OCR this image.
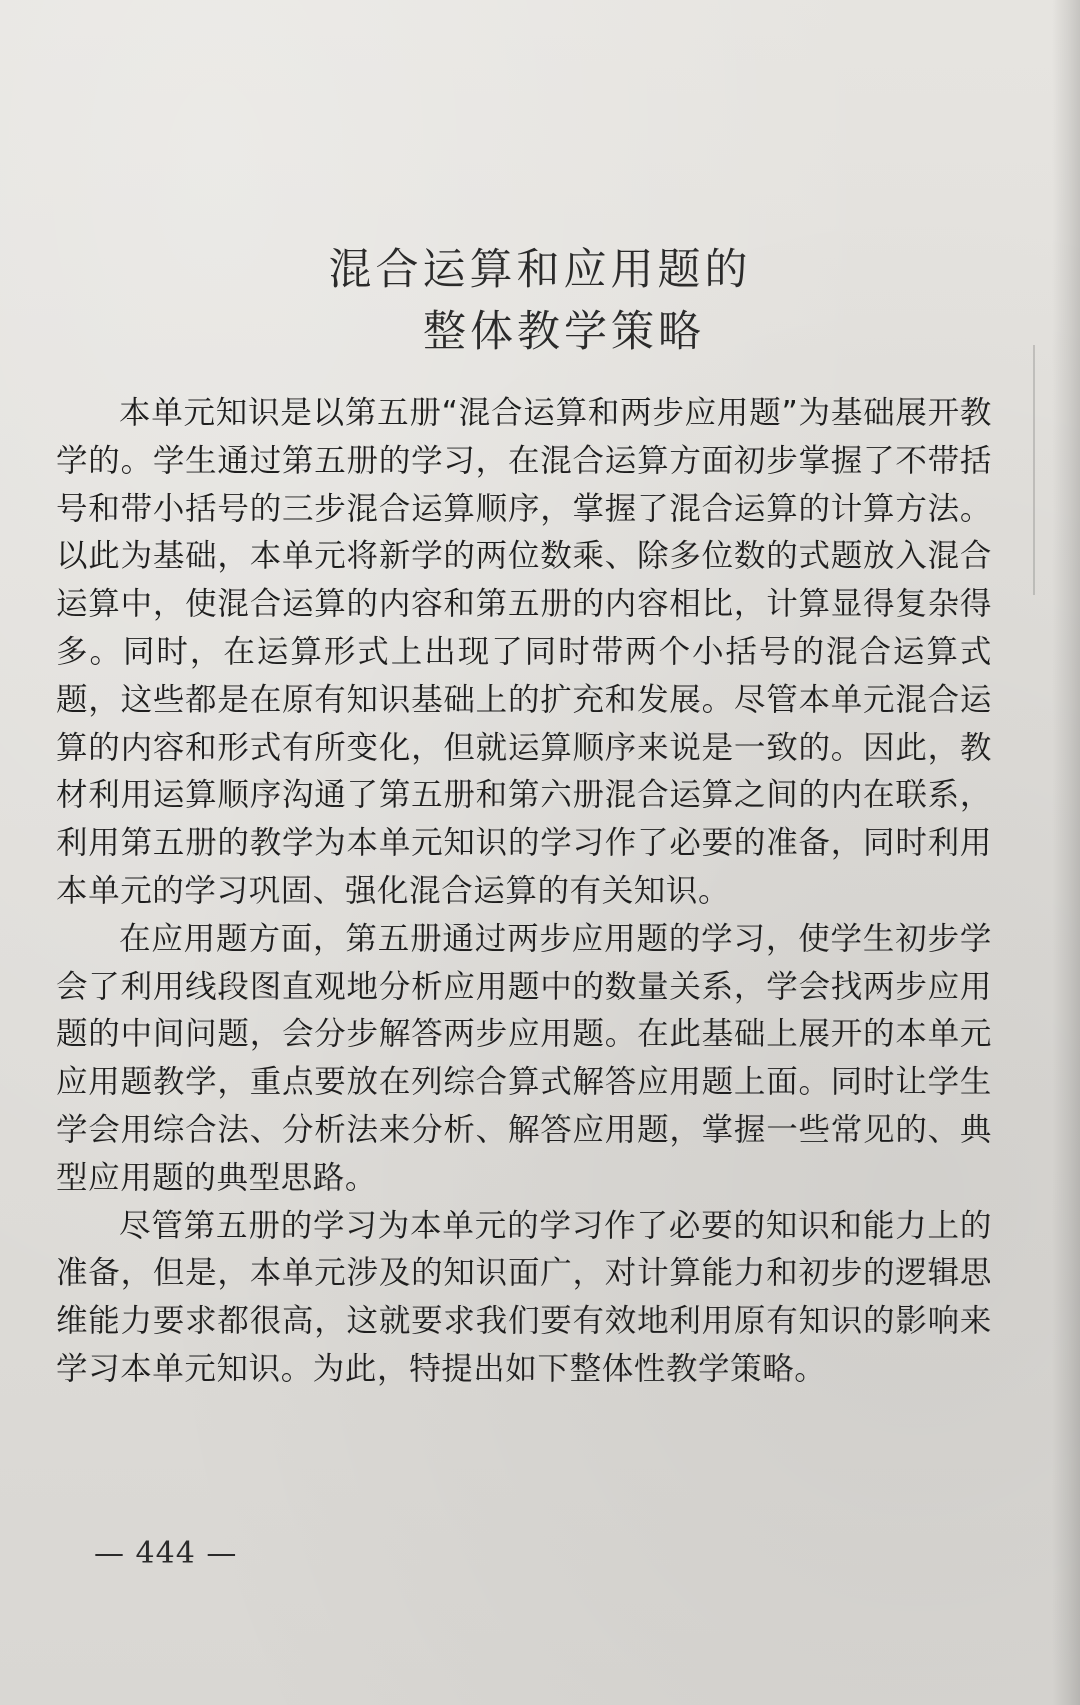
混合运算和应用题的
整体教学策略

本单元知识是以第五册“混合运算和两步应用题”为基础展开教学的。学生通过第五册的学习，在混合运算方面初步掌握了不带括号和带小括号的三步混合运算顺序，掌握了混合运算的计算方法。以此为基础，本单元将新学的两位数乘、除多位数的式题放入混合运算中，使混合运算的内容和第五册的内容相比，计算显得复杂得多。同时，在运算形式上出现了同时带两个小括号的混合运算式题，这些都是在原有知识基础上的扩充和发展。尽管本单元混合运算的内容和形式有所变化，但就运算顺序来说是一致的。因此，教材利用运算顺序沟通了第五册和第六册混合运算之间的内在联系，利用第五册的教学为本单元知识的学习作了必要的准备，同时利用本单元的学习巩固、强化混合运算的有关知识。

在应用题方面，第五册通过两步应用题的学习，使学生初步学会了利用线段图直观地分析应用题中的数量关系，学会找两步应用题的中间问题，会分步解答两步应用题。在此基础上展开的本单元应用题教学，重点要放在列综合算式解答应用题上面。同时让学生学会用综合法、分析法来分析、解答应用题，掌握一些常见的、典型应用题的典型思路。

尽管第五册的学习为本单元的学习作了必要的知识和能力上的准备，但是，本单元涉及的知识面广，对计算能力和初步的逻辑思维能力要求都很高，这就要求我们要有效地利用原有知识的影响来学习本单元知识。为此，特提出如下整体性教学策略。

— 444 —
